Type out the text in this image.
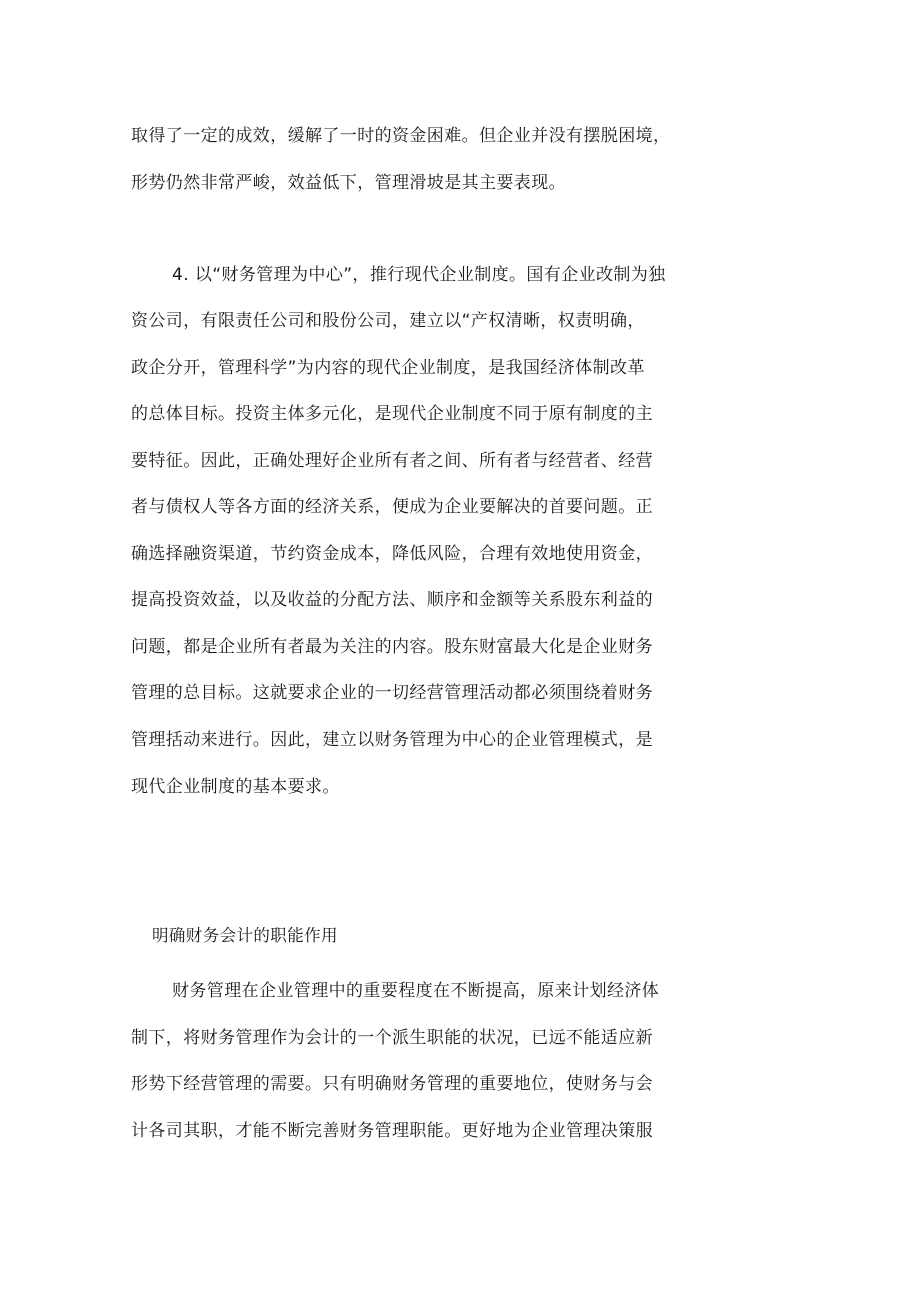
取得了一定的成效，缓解了一时的资金困难。但企业并没有摆脱困境，
形势仍然非常严峻，效益低下，管理滑坡是其主要表现。
4. 以“财务管理为中心”，推行现代企业制度。国有企业改制为独
资公司，有限责任公司和股份公司，建立以“产权清晰，权责明确，
政企分开，管理科学”为内容的现代企业制度，是我国经济体制改革
的总体目标。投资主体多元化，是现代企业制度不同于原有制度的主
要特征。因此，正确处理好企业所有者之间、所有者与经营者、经营
者与债权人等各方面的经济关系，便成为企业要解决的首要问题。正
确选择融资渠道，节约资金成本，降低风险，合理有效地使用资金，
提高投资效益，以及收益的分配方法、顺序和金额等关系股东利益的
问题，都是企业所有者最为关注的内容。股东财富最大化是企业财务
管理的总目标。这就要求企业的一切经营管理活动都必须围绕着财务
管理括动来进行。因此，建立以财务管理为中心的企业管理模式，是
现代企业制度的基本要求。
明确财务会计的职能作用
财务管理在企业管理中的重要程度在不断提高，原来计划经济体
制下，将财务管理作为会计的一个派生职能的状况，已远不能适应新
形势下经营管理的需要。只有明确财务管理的重要地位，使财务与会
计各司其职，才能不断完善财务管理职能。更好地为企业管理决策服
